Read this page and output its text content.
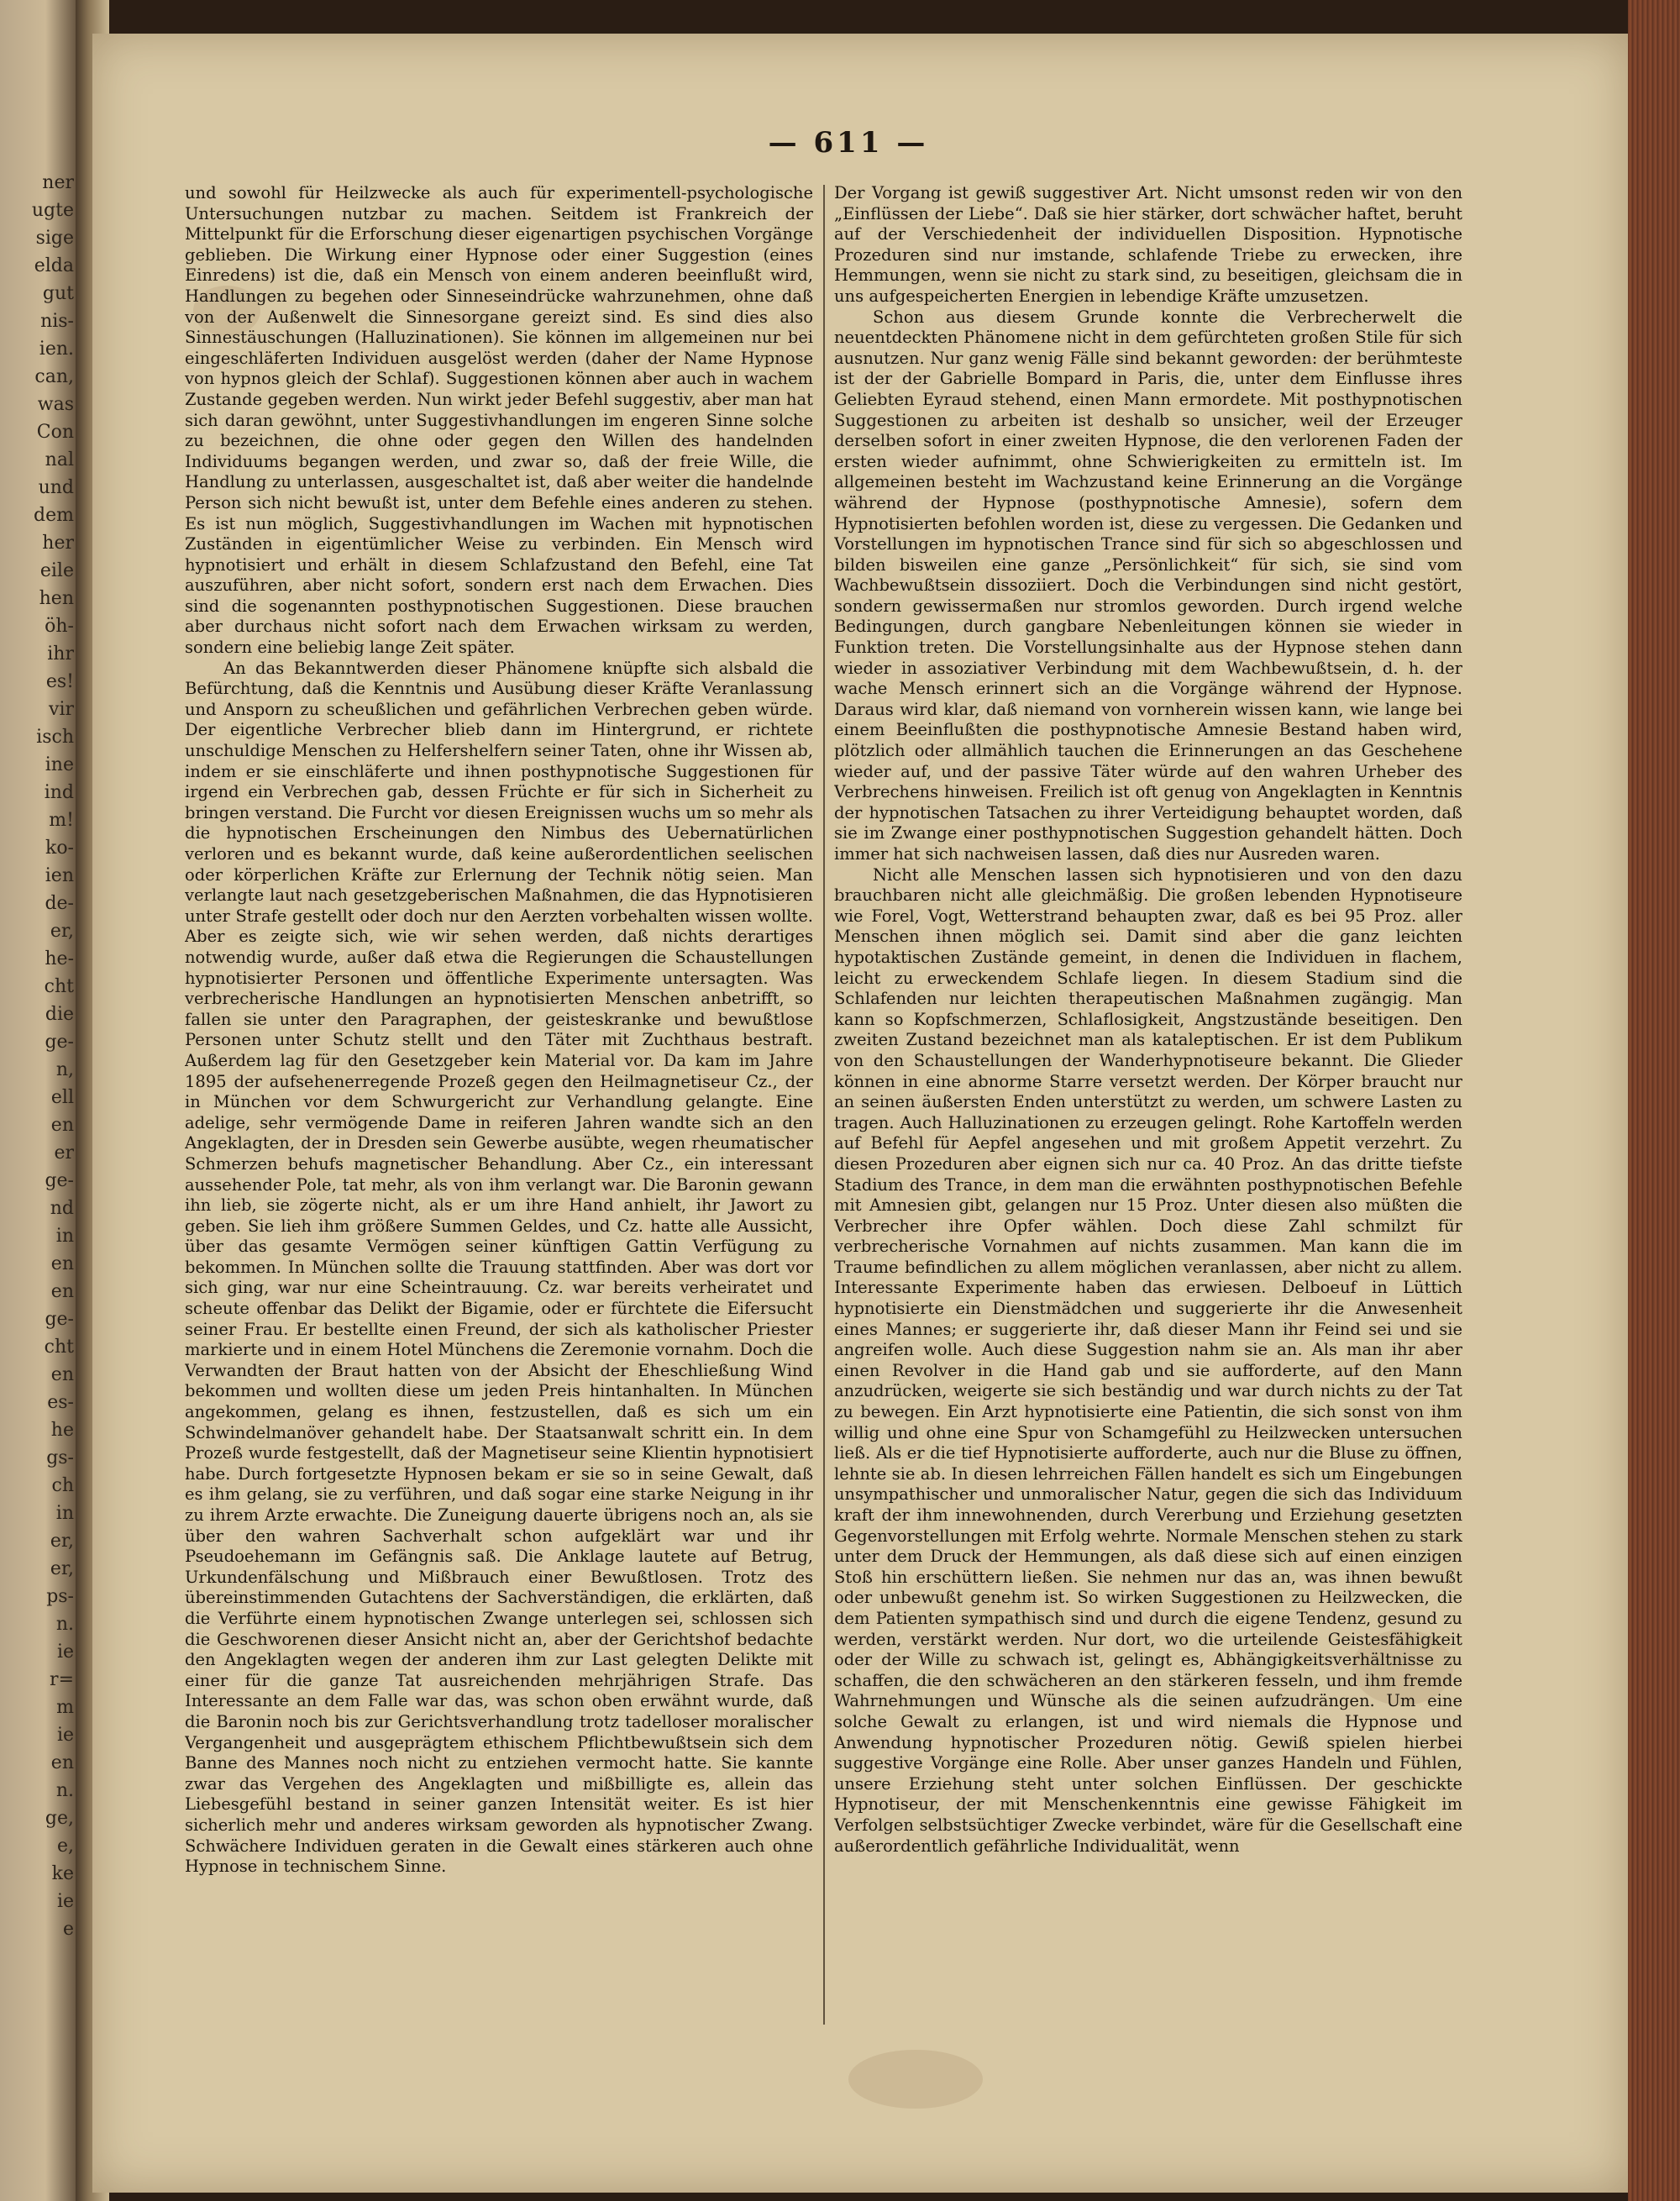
ner
ugte
sige
elda
gut
nis-
ien.
can,
was
Con
nal
und
dem
her
eile
hen
öh-
ihr
es!
vir
isch
ine
ind
m!
ko-
ien
de-
er,
he-
cht
die
ge-
n,
ell
en
er
ge-
nd
in
en
en
ge-
cht
en
es-
he
gs-
ch
in
er,
er,
ps-
n.
ie
r=
m
ie
en
n.
ge,
e,
ke
ie
e
— 611 —

und sowohl für Heilzwecke als auch für experimentell-psychologische Untersuchungen nutzbar zu machen. Seitdem ist Frankreich der Mittelpunkt für die Erforschung dieser eigenartigen psychischen Vorgänge geblieben. Die Wirkung einer Hypnose oder einer Suggestion (eines Einredens) ist die, daß ein Mensch von einem anderen beeinflußt wird, Handlungen zu begehen oder Sinneseindrücke wahrzunehmen, ohne daß von der Außenwelt die Sinnesorgane gereizt sind. Es sind dies also Sinnestäuschungen (Halluzinationen). Sie können im allgemeinen nur bei eingeschläferten Individuen ausgelöst werden (daher der Name Hypnose von hypnos gleich der Schlaf). Suggestionen können aber auch in wachem Zustande gegeben werden. Nun wirkt jeder Befehl suggestiv, aber man hat sich daran gewöhnt, unter Suggestivhandlungen im engeren Sinne solche zu bezeichnen, die ohne oder gegen den Willen des handelnden Individuums begangen werden, und zwar so, daß der freie Wille, die Handlung zu unterlassen, ausgeschaltet ist, daß aber weiter die handelnde Person sich nicht bewußt ist, unter dem Befehle eines anderen zu stehen. Es ist nun möglich, Suggestivhandlungen im Wachen mit hypnotischen Zuständen in eigentümlicher Weise zu verbinden. Ein Mensch wird hypnotisiert und erhält in diesem Schlafzustand den Befehl, eine Tat auszuführen, aber nicht sofort, sondern erst nach dem Erwachen. Dies sind die sogenannten posthypnotischen Suggestionen. Diese brauchen aber durchaus nicht sofort nach dem Erwachen wirksam zu werden, sondern eine beliebig lange Zeit später.

An das Bekanntwerden dieser Phänomene knüpfte sich alsbald die Befürchtung, daß die Kenntnis und Ausübung dieser Kräfte Veranlassung und Ansporn zu scheußlichen und gefährlichen Verbrechen geben würde. Der eigentliche Verbrecher blieb dann im Hintergrund, er richtete unschuldige Menschen zu Helfershelfern seiner Taten, ohne ihr Wissen ab, indem er sie einschläferte und ihnen posthypnotische Suggestionen für irgend ein Verbrechen gab, dessen Früchte er für sich in Sicherheit zu bringen verstand. Die Furcht vor diesen Ereignissen wuchs um so mehr als die hypnotischen Erscheinungen den Nimbus des Uebernatürlichen verloren und es bekannt wurde, daß keine außerordentlichen seelischen oder körperlichen Kräfte zur Erlernung der Technik nötig seien. Man verlangte laut nach gesetzgeberischen Maßnahmen, die das Hypnotisieren unter Strafe gestellt oder doch nur den Aerzten vorbehalten wissen wollte. Aber es zeigte sich, wie wir sehen werden, daß nichts derartiges notwendig wurde, außer daß etwa die Regierungen die Schaustellungen hypnotisierter Personen und öffentliche Experimente untersagten. Was verbrecherische Handlungen an hypnotisierten Menschen anbetrifft, so fallen sie unter den Paragraphen, der geisteskranke und bewußtlose Personen unter Schutz stellt und den Täter mit Zuchthaus bestraft. Außerdem lag für den Gesetzgeber kein Material vor. Da kam im Jahre 1895 der aufsehenerregende Prozeß gegen den Heilmagnetiseur Cz., der in München vor dem Schwurgericht zur Verhandlung gelangte. Eine adelige, sehr vermögende Dame in reiferen Jahren wandte sich an den Angeklagten, der in Dresden sein Gewerbe ausübte, wegen rheumatischer Schmerzen behufs magnetischer Behandlung. Aber Cz., ein interessant aussehender Pole, tat mehr, als von ihm verlangt war. Die Baronin gewann ihn lieb, sie zögerte nicht, als er um ihre Hand anhielt, ihr Jawort zu geben. Sie lieh ihm größere Summen Geldes, und Cz. hatte alle Aussicht, über das gesamte Vermögen seiner künftigen Gattin Verfügung zu bekommen. In München sollte die Trauung stattfinden. Aber was dort vor sich ging, war nur eine Scheintrauung. Cz. war bereits verheiratet und scheute offenbar das Delikt der Bigamie, oder er fürchtete die Eifersucht seiner Frau. Er bestellte einen Freund, der sich als katholischer Priester markierte und in einem Hotel Münchens die Zeremonie vornahm. Doch die Verwandten der Braut hatten von der Absicht der Eheschließung Wind bekommen und wollten diese um jeden Preis hintanhalten. In München angekommen, gelang es ihnen, festzustellen, daß es sich um ein Schwindelmanöver gehandelt habe. Der Staatsanwalt schritt ein. In dem Prozeß wurde festgestellt, daß der Magnetiseur seine Klientin hypnotisiert habe. Durch fortgesetzte Hypnosen bekam er sie so in seine Gewalt, daß es ihm gelang, sie zu verführen, und daß sogar eine starke Neigung in ihr zu ihrem Arzte erwachte. Die Zuneigung dauerte übrigens noch an, als sie über den wahren Sachverhalt schon aufgeklärt war und ihr Pseudoehemann im Gefängnis saß. Die Anklage lautete auf Betrug, Urkundenfälschung und Mißbrauch einer Bewußtlosen. Trotz des übereinstimmenden Gutachtens der Sachverständigen, die erklärten, daß die Verführte einem hypnotischen Zwange unterlegen sei, schlossen sich die Geschworenen dieser Ansicht nicht an, aber der Gerichtshof bedachte den Angeklagten wegen der anderen ihm zur Last gelegten Delikte mit einer für die ganze Tat ausreichenden mehrjährigen Strafe. Das Interessante an dem Falle war das, was schon oben erwähnt wurde, daß die Baronin noch bis zur Gerichtsverhandlung trotz tadelloser moralischer Vergangenheit und ausgeprägtem ethischem Pflichtbewußtsein sich dem Banne des Mannes noch nicht zu entziehen vermocht hatte. Sie kannte zwar das Vergehen des Angeklagten und mißbilligte es, allein das Liebesgefühl bestand in seiner ganzen Intensität weiter. Es ist hier sicherlich mehr und anderes wirksam geworden als hypnotischer Zwang. Schwächere Individuen geraten in die Gewalt eines stärkeren auch ohne Hypnose in technischem Sinne.

Der Vorgang ist gewiß suggestiver Art. Nicht umsonst reden wir von den „Einflüssen der Liebe“. Daß sie hier stärker, dort schwächer haftet, beruht auf der Verschiedenheit der individuellen Disposition. Hypnotische Prozeduren sind nur imstande, schlafende Triebe zu erwecken, ihre Hemmungen, wenn sie nicht zu stark sind, zu beseitigen, gleichsam die in uns aufgespeicherten Energien in lebendige Kräfte umzusetzen.

Schon aus diesem Grunde konnte die Verbrecherwelt die neuentdeckten Phänomene nicht in dem gefürchteten großen Stile für sich ausnutzen. Nur ganz wenig Fälle sind bekannt geworden: der berühmteste ist der der Gabrielle Bompard in Paris, die, unter dem Einflusse ihres Geliebten Eyraud stehend, einen Mann ermordete. Mit posthypnotischen Suggestionen zu arbeiten ist deshalb so unsicher, weil der Erzeuger derselben sofort in einer zweiten Hypnose, die den verlorenen Faden der ersten wieder aufnimmt, ohne Schwierigkeiten zu ermitteln ist. Im allgemeinen besteht im Wachzustand keine Erinnerung an die Vorgänge während der Hypnose (posthypnotische Amnesie), sofern dem Hypnotisierten befohlen worden ist, diese zu vergessen. Die Gedanken und Vorstellungen im hypnotischen Trance sind für sich so abgeschlossen und bilden bisweilen eine ganze „Persönlichkeit“ für sich, sie sind vom Wachbewußtsein dissoziiert. Doch die Verbindungen sind nicht gestört, sondern gewissermaßen nur stromlos geworden. Durch irgend welche Bedingungen, durch gangbare Nebenleitungen können sie wieder in Funktion treten. Die Vorstellungsinhalte aus der Hypnose stehen dann wieder in assoziativer Verbindung mit dem Wachbewußtsein, d. h. der wache Mensch erinnert sich an die Vorgänge während der Hypnose. Daraus wird klar, daß niemand von vornherein wissen kann, wie lange bei einem Beeinflußten die posthypnotische Amnesie Bestand haben wird, plötzlich oder allmählich tauchen die Erinnerungen an das Geschehene wieder auf, und der passive Täter würde auf den wahren Urheber des Verbrechens hinweisen. Freilich ist oft genug von Angeklagten in Kenntnis der hypnotischen Tatsachen zu ihrer Verteidigung behauptet worden, daß sie im Zwange einer posthypnotischen Suggestion gehandelt hätten. Doch immer hat sich nachweisen lassen, daß dies nur Ausreden waren.

Nicht alle Menschen lassen sich hypnotisieren und von den dazu brauchbaren nicht alle gleichmäßig. Die großen lebenden Hypnotiseure wie Forel, Vogt, Wetterstrand behaupten zwar, daß es bei 95 Proz. aller Menschen ihnen möglich sei. Damit sind aber die ganz leichten hypotaktischen Zustände gemeint, in denen die Individuen in flachem, leicht zu erweckendem Schlafe liegen. In diesem Stadium sind die Schlafenden nur leichten therapeutischen Maßnahmen zugängig. Man kann so Kopfschmerzen, Schlaflosigkeit, Angstzustände beseitigen. Den zweiten Zustand bezeichnet man als kataleptischen. Er ist dem Publikum von den Schaustellungen der Wanderhypnotiseure bekannt. Die Glieder können in eine abnorme Starre versetzt werden. Der Körper braucht nur an seinen äußersten Enden unterstützt zu werden, um schwere Lasten zu tragen. Auch Halluzinationen zu erzeugen gelingt. Rohe Kartoffeln werden auf Befehl für Aepfel angesehen und mit großem Appetit verzehrt. Zu diesen Prozeduren aber eignen sich nur ca. 40 Proz. An das dritte tiefste Stadium des Trance, in dem man die erwähnten posthypnotischen Befehle mit Amnesien gibt, gelangen nur 15 Proz. Unter diesen also müßten die Verbrecher ihre Opfer wählen. Doch diese Zahl schmilzt für verbrecherische Vornahmen auf nichts zusammen. Man kann die im Traume befindlichen zu allem möglichen veranlassen, aber nicht zu allem. Interessante Experimente haben das erwiesen. Delboeuf in Lüttich hypnotisierte ein Dienstmädchen und suggerierte ihr die Anwesenheit eines Mannes; er suggerierte ihr, daß dieser Mann ihr Feind sei und sie angreifen wolle. Auch diese Suggestion nahm sie an. Als man ihr aber einen Revolver in die Hand gab und sie aufforderte, auf den Mann anzudrücken, weigerte sie sich beständig und war durch nichts zu der Tat zu bewegen. Ein Arzt hypnotisierte eine Patientin, die sich sonst von ihm willig und ohne eine Spur von Schamgefühl zu Heilzwecken untersuchen ließ. Als er die tief Hypnotisierte aufforderte, auch nur die Bluse zu öffnen, lehnte sie ab. In diesen lehrreichen Fällen handelt es sich um Eingebungen unsympathischer und unmoralischer Natur, gegen die sich das Individuum kraft der ihm innewohnenden, durch Vererbung und Erziehung gesetzten Gegenvorstellungen mit Erfolg wehrte. Normale Menschen stehen zu stark unter dem Druck der Hemmungen, als daß diese sich auf einen einzigen Stoß hin erschüttern ließen. Sie nehmen nur das an, was ihnen bewußt oder unbewußt genehm ist. So wirken Suggestionen zu Heilzwecken, die dem Patienten sympathisch sind und durch die eigene Tendenz, gesund zu werden, verstärkt werden. Nur dort, wo die urteilende Geistesfähigkeit oder der Wille zu schwach ist, gelingt es, Abhängigkeitsverhältnisse zu schaffen, die den schwächeren an den stärkeren fesseln, und ihm fremde Wahrnehmungen und Wünsche als die seinen aufzudrängen. Um eine solche Gewalt zu erlangen, ist und wird niemals die Hypnose und Anwendung hypnotischer Prozeduren nötig. Gewiß spielen hierbei suggestive Vorgänge eine Rolle. Aber unser ganzes Handeln und Fühlen, unsere Erziehung steht unter solchen Einflüssen. Der geschickte Hypnotiseur, der mit Menschenkenntnis eine gewisse Fähigkeit im Verfolgen selbstsüchtiger Zwecke verbindet, wäre für die Gesellschaft eine außerordentlich gefährliche Individualität, wenn
